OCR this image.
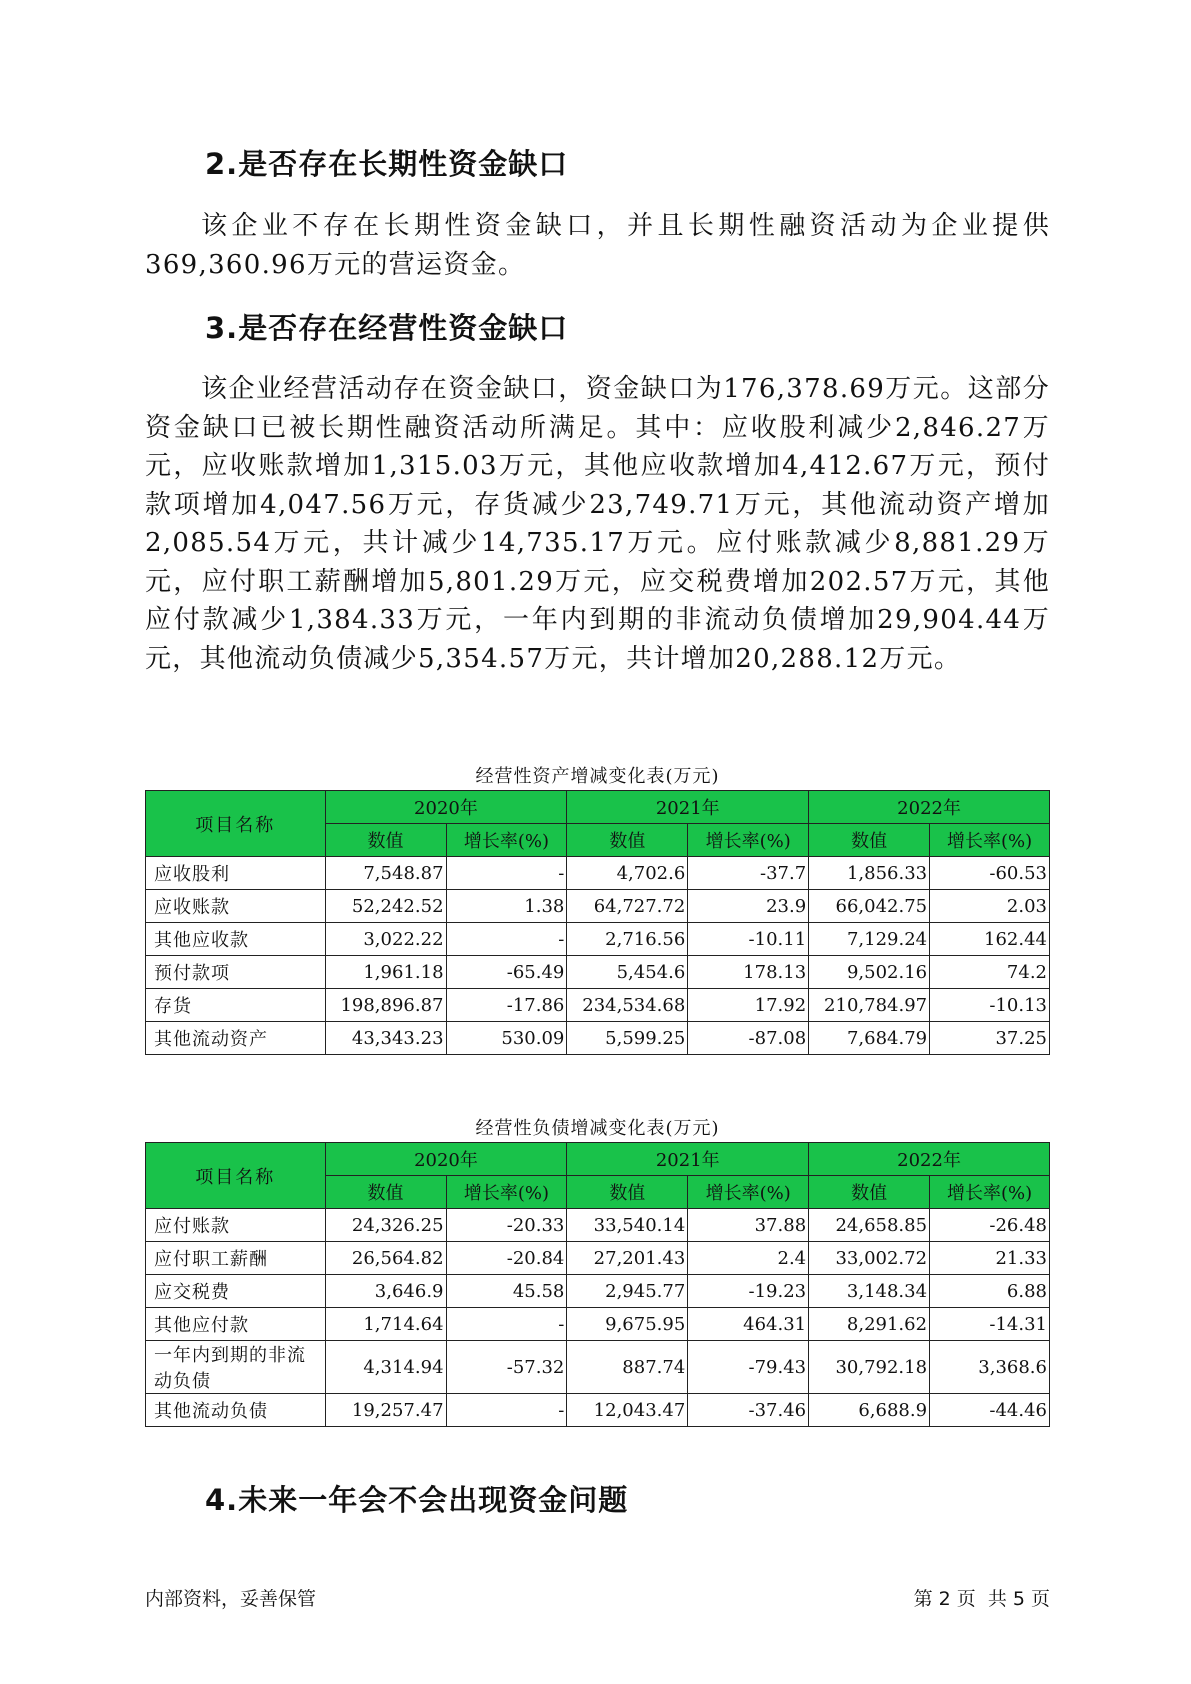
2.是否存在长期性资金缺口

该企业不存在长期性资金缺口，并且长期性融资活动为企业提供369,360.96万元的营运资金。

3.是否存在经营性资金缺口

该企业经营活动存在资金缺口，资金缺口为176,378.69万元。这部分资金缺口已被长期性融资活动所满足。其中：应收股利减少2,846.27万元，应收账款增加1,315.03万元，其他应收款增加4,412.67万元，预付款项增加4,047.56万元，存货减少23,749.71万元，其他流动资产增加2,085.54万元，共计减少14,735.17万元。应付账款减少8,881.29万元，应付职工薪酬增加5,801.29万元，应交税费增加202.57万元，其他应付款减少1,384.33万元，一年内到期的非流动负债增加29,904.44万元，其他流动负债减少5,354.57万元，共计增加20,288.12万元。

经营性资产增减变化表(万元)
项目名称	2020年		2021年		2022年	
	数值	增长率(%)	数值	增长率(%)	数值	增长率(%)
应收股利	7,548.87	-	4,702.6	-37.7	1,856.33	-60.53
应收账款	52,242.52	1.38	64,727.72	23.9	66,042.75	2.03
其他应收款	3,022.22	-	2,716.56	-10.11	7,129.24	162.44
预付款项	1,961.18	-65.49	5,454.6	178.13	9,502.16	74.2
存货	198,896.87	-17.86	234,534.68	17.92	210,784.97	-10.13
其他流动资产	43,343.23	530.09	5,599.25	-87.08	7,684.79	37.25
经营性负债增减变化表(万元)
项目名称	2020年		2021年		2022年	
	数值	增长率(%)	数值	增长率(%)	数值	增长率(%)
应付账款	24,326.25	-20.33	33,540.14	37.88	24,658.85	-26.48
应付职工薪酬	26,564.82	-20.84	27,201.43	2.4	33,002.72	21.33
应交税费	3,646.9	45.58	2,945.77	-19.23	3,148.34	6.88
其他应付款	1,714.64	-	9,675.95	464.31	8,291.62	-14.31
一年内到期的非流动负债	4,314.94	-57.32	887.74	-79.43	30,792.18	3,368.6
其他流动负债	19,257.47	-	12,043.47	-37.46	6,688.9	-44.46
4.未来一年会不会出现资金问题
内部资料，妥善保管	第 2 页  共 5 页
